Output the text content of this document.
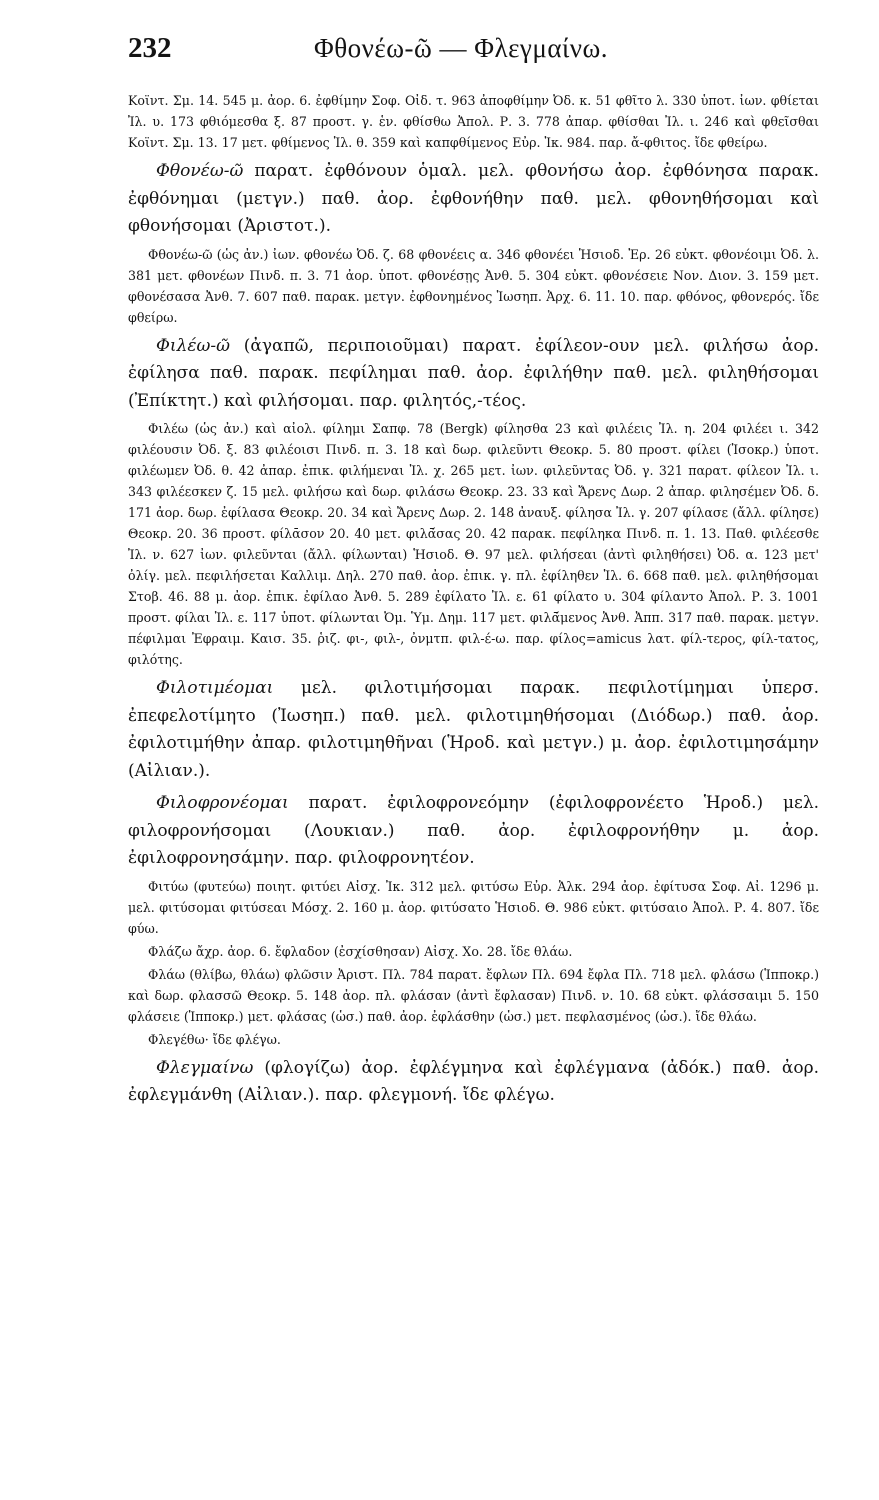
232	Φθονέω-ῶ — Φλεγμαίνω.

Κοϊντ. Σμ. 14. 545 μ. ἀορ. 6. ἐφθίμην Σοφ. Οἰδ. τ. 963 ἀποφθίμην Ὀδ. κ. 51 φθῖτο λ. 330 ὑποτ. ἰων. φθίεται Ἰλ. υ. 173 φθιόμεσθα ξ. 87 προστ. γ. ἑν. φθίσθω Ἀπολ. Ρ. 3. 778 ἀπαρ. φθίσθαι Ἰλ. ι. 246 καὶ φθεῖσθαι Κοϊντ. Σμ. 13. 17 μετ. φθίμενος Ἰλ. θ. 359 καὶ καπφθίμενος Εὐρ. Ἰκ. 984. παρ. ἄ-φθιτος. ἴδε φθείρω.

Φθονέω-ῶ παρατ. ἐφθόνουν ὁμαλ. μελ. φθονήσω ἀορ. ἐφθόνησα παρακ. ἐφθόνημαι (μετγν.) παθ. ἀορ. ἐφθονήθην παθ. μελ. φθονηθήσομαι καὶ φθονήσομαι (Ἀριστοτ.).

Φθονέω-ῶ (ὡς ἀν.) ἰων. φθονέω Ὀδ. ζ. 68 φθονέεις α. 346 φθονέει Ἡσιοδ. Ἐρ. 26 εὐκτ. φθονέοιμι Ὀδ. λ. 381 μετ. φθονέων Πινδ. π. 3. 71 ἀορ. ὑποτ. φθονέσῃς Ἀνθ. 5. 304 εὐκτ. φθονέσειε Νον. Διον. 3. 159 μετ. φθονέσασα Ἀνθ. 7. 607 παθ. παρακ. μετγν. ἐφθονημένος Ἰωσηπ. Ἀρχ. 6. 11. 10. παρ. φθόνος, φθονερός. ἴδε φθείρω.

Φιλέω-ῶ (ἀγαπῶ, περιποιοῦμαι) παρατ. ἐφίλεον-ουν μελ. φιλήσω ἀορ. ἐφίλησα παθ. παρακ. πεφίλημαι παθ. ἀορ. ἐφιλήθην παθ. μελ. φιληθήσομαι (Ἐπίκτητ.) καὶ φιλήσομαι. παρ. φιλητός,-τέος.

Φιλέω (ὡς ἀν.) καὶ αἰολ. φίλημι Σαπφ. 78 (Bergk) φίλησθα 23 καὶ φιλέεις Ἰλ. η. 204 φιλέει ι. 342 φιλέουσιν Ὀδ. ξ. 83 φιλέοισι Πινδ. π. 3. 18 καὶ δωρ. φιλεῦντι Θεοκρ. 5. 80 προστ. φίλει (Ἰσοκρ.) ὑποτ. φιλέωμεν Ὀδ. θ. 42 ἀπαρ. ἐπικ. φιλήμεναι Ἰλ. χ. 265 μετ. ἰων. φιλεῦντας Ὀδ. γ. 321 παρατ. φίλεον Ἰλ. ι. 343 φιλέεσκεν ζ. 15 μελ. φιλήσω καὶ δωρ. φιλάσω Θεοκρ. 23. 33 καὶ Ἄρενς Δωρ. 2 ἀπαρ. φιλησέμεν Ὀδ. δ. 171 ἀορ. δωρ. ἐφίλασα Θεοκρ. 20. 34 καὶ Ἄρενς Δωρ. 2. 148 ἀναυξ. φίλησα Ἰλ. γ. 207 φίλασε (ἄλλ. φίλησε) Θεοκρ. 20. 36 προστ. φίλᾱσον 20. 40 μετ. φιλᾱ́σας 20. 42 παρακ. πεφίληκα Πινδ. π. 1. 13. Παθ. φιλέεσθε Ἰλ. ν. 627 ἰων. φιλεῦνται (ἄλλ. φίλωνται) Ἡσιοδ. Θ. 97 μελ. φιλήσεαι (ἀντὶ φιληθήσει) Ὀδ. α. 123 μετ' ὀλίγ. μελ. πεφιλήσεται Καλλιμ. Δηλ. 270 παθ. ἀορ. ἐπικ. γ. πλ. ἐφίληθεν Ἰλ. 6. 668 παθ. μελ. φιληθήσομαι Στοβ. 46. 88 μ. ἀορ. ἐπικ. ἐφίλαο Ἀνθ. 5. 289 ἐφίλατο Ἰλ. ε. 61 φίλατο υ. 304 φίλαντο Ἀπολ. Ρ. 3. 1001 προστ. φίλαι Ἰλ. ε. 117 ὑποτ. φίλωνται Ὀμ. Ὑμ. Δημ. 117 μετ. φιλᾱ́μενος Ἀνθ. Ἀππ. 317 παθ. παρακ. μετγν. πέφιλμαι Ἐφραιμ. Καισ. 35. ῥιζ. φι-, φιλ-, ὀνμτπ. φιλ-έ-ω. παρ. φίλος=amicus λατ. φίλ-τερος, φίλ-τατος, φιλότης.

Φιλοτιμέομαι μελ. φιλοτιμήσομαι παρακ. πεφιλοτίμημαι ὑπερσ. ἐπεφελοτίμητο (Ἰωσηπ.) παθ. μελ. φιλοτιμηθήσομαι (Διόδωρ.) παθ. ἀορ. ἐφιλοτιμήθην ἀπαρ. φιλοτιμηθῆναι (Ἡροδ. καὶ μετγν.) μ. ἀορ. ἐφιλοτιμησάμην (Αἰλιαν.).

Φιλοφρονέομαι παρατ. ἐφιλοφρονεόμην (ἐφιλοφρονέετο Ἡροδ.) μελ. φιλοφρονήσομαι (Λουκιαν.) παθ. ἀορ. ἐφιλοφρονήθην μ. ἀορ. ἐφιλοφρονησάμην. παρ. φιλοφρονητέον.

Φιτύω (φυτεύω) ποιητ. φιτύει Αἰσχ. Ἰκ. 312 μελ. φιτύσω Εὐρ. Ἀλκ. 294 ἀορ. ἐφίτυσα Σοφ. Αἰ. 1296 μ. μελ. φιτύσομαι φιτύσεαι Μόσχ. 2. 160 μ. ἀορ. φιτύσατο Ἡσιοδ. Θ. 986 εὐκτ. φιτύσαιο Ἀπολ. Ρ. 4. 807. ἴδε φύω.

Φλάζω ἄχρ. ἀορ. 6. ἔφλαδον (ἐσχίσθησαν) Αἰσχ. Χο. 28. ἴδε θλάω.

Φλάω (θλίβω, θλάω) φλῶσιν Ἀριστ. Πλ. 784 παρατ. ἔφλων Πλ. 694 ἔφλα Πλ. 718 μελ. φλάσω (Ἱπποκρ.) καὶ δωρ. φλασσῶ Θεοκρ. 5. 148 ἀορ. πλ. φλάσαν (ἀντὶ ἔφλασαν) Πινδ. ν. 10. 68 εὐκτ. φλάσσαιμι 5. 150 φλάσειε (Ἱπποκρ.) μετ. φλάσας (ὡσ.) παθ. ἀορ. ἐφλάσθην (ὡσ.) μετ. πεφλασμένος (ὡσ.). ἴδε θλάω.

Φλεγέθω· ἴδε φλέγω.

Φλεγμαίνω (φλογίζω) ἀορ. ἐφλέγμηνα καὶ ἐφλέγμανα (ἀδόκ.) παθ. ἀορ. ἐφλεγμάνθη (Αἰλιαν.). παρ. φλεγμονή. ἴδε φλέγω.
